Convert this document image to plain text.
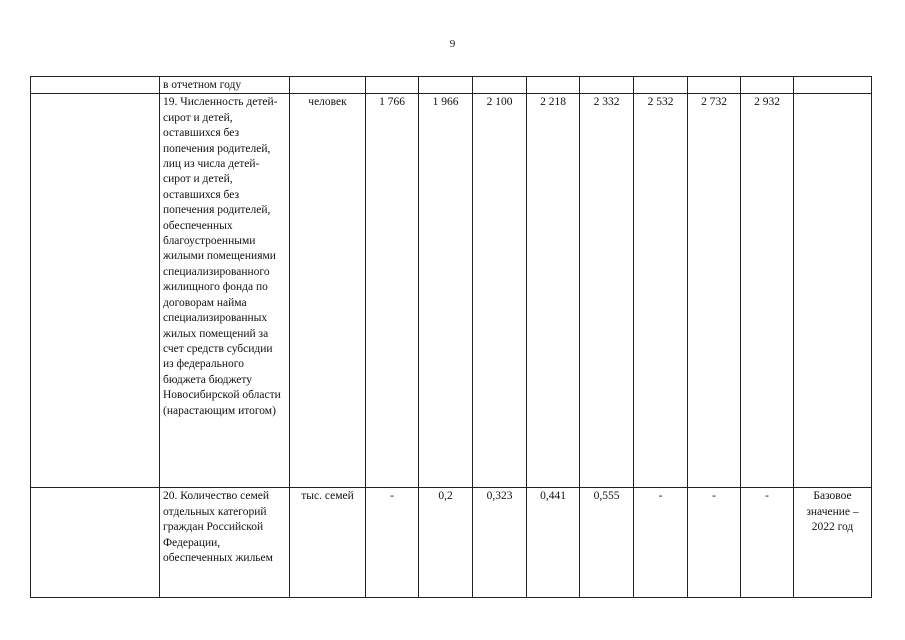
9
	в отчетном году										
	19. Численность детей-сирот и детей, оставшихся без попечения родителей, лиц из числа детей-сирот и детей, оставшихся без попечения родителей, обеспеченных благоустроенными жилыми помещениями специализированного жилищного фонда по договорам найма специализированных жилых помещений за счет средств субсидии из федерального бюджета бюджету Новосибирской области (нарастающим итогом)	человек	1 766	1 966	2 100	2 218	2 332	2 532	2 732	2 932	
	20. Количество семей отдельных категорий граждан Российской Федерации, обеспеченных жильем	тыс. семей	-	0,2	0,323	0,441	0,555	-	-	-	Базовое значение – 2022 год
